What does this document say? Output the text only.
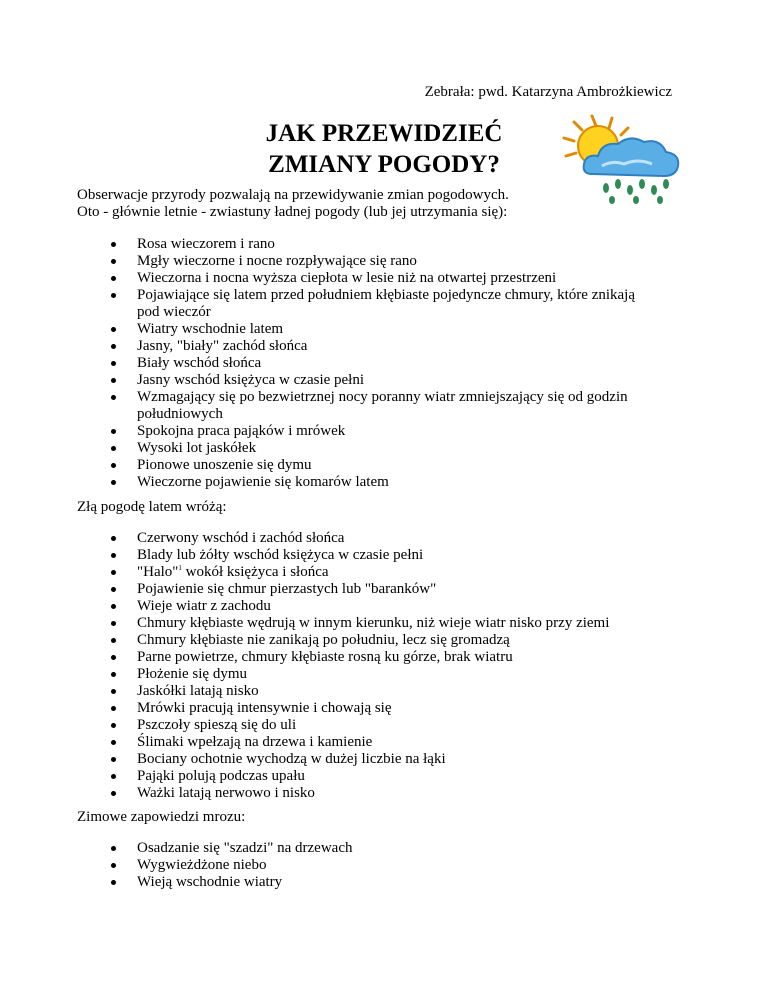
Zebrała: pwd. Katarzyna Ambrożkiewicz
JAK PRZEWIDZIEĆ
ZMIANY POGODY?

Obserwacje przyrody pozwalają na przewidywanie zmian pogodowych.
Oto - głównie letnie - zwiastuny ładnej pogody (lub jej utrzymania się):

Rosa wieczorem i rano
Mgły wieczorne i nocne rozpływające się rano
Wieczorna i nocna wyższa ciepłota w lesie niż na otwartej przestrzeni
Pojawiające się latem przed południem kłębiaste pojedyncze chmury, które znikają pod wieczór
Wiatry wschodnie latem
Jasny, "biały" zachód słońca
Biały wschód słońca
Jasny wschód księżyca w czasie pełni
Wzmagający się po bezwietrznej nocy poranny wiatr zmniejszający się od godzin południowych
Spokojna praca pająków i mrówek
Wysoki lot jaskółek
Pionowe unoszenie się dymu
Wieczorne pojawienie się komarów latem

Złą pogodę latem wróżą:

Czerwony wschód i zachód słońca
Blady lub żółty wschód księżyca w czasie pełni
"Halo"$^1$ wokół księżyca i słońca
Pojawienie się chmur pierzastych lub "baranków"
Wieje wiatr z zachodu
Chmury kłębiaste wędrują w innym kierunku, niż wieje wiatr nisko przy ziemi
Chmury kłębiaste nie zanikają po południu, lecz się gromadzą
Parne powietrze, chmury kłębiaste rosną ku górze, brak wiatru
Płożenie się dymu
Jaskółki latają nisko
Mrówki pracują intensywnie i chowają się
Pszczoły spieszą się do uli
Ślimaki wpełzają na drzewa i kamienie
Bociany ochotnie wychodzą w dużej liczbie na łąki
Pająki polują podczas upału
Ważki latają nerwowo i nisko

Zimowe zapowiedzi mrozu:

Osadzanie się "szadzi" na drzewach
Wygwieżdżone niebo
Wieją wschodnie wiatry
